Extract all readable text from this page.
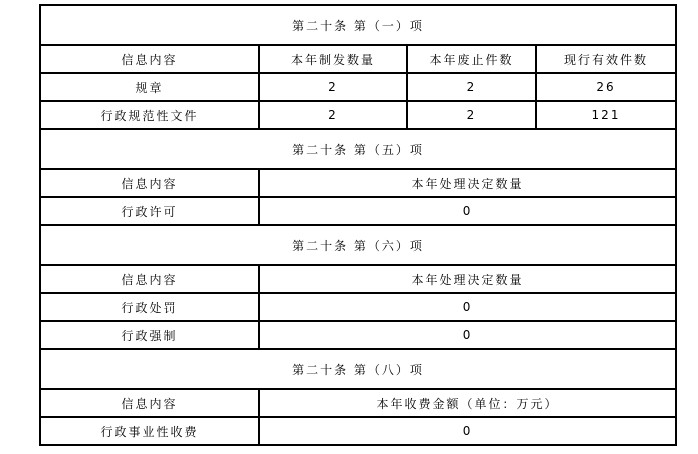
第二十条 第（一）项			
信息内容	本年制发数量	本年废止件数	现行有效件数
规章	2	2	26
行政规范性文件	2	2	121
第二十条 第（五）项			
信息内容	本年处理决定数量		
行政许可	0		
第二十条 第（六）项			
信息内容	本年处理决定数量		
行政处罚	0		
行政强制	0		
第二十条 第（八）项			
信息内容	本年收费金额（单位：万元）		
行政事业性收费	0		
